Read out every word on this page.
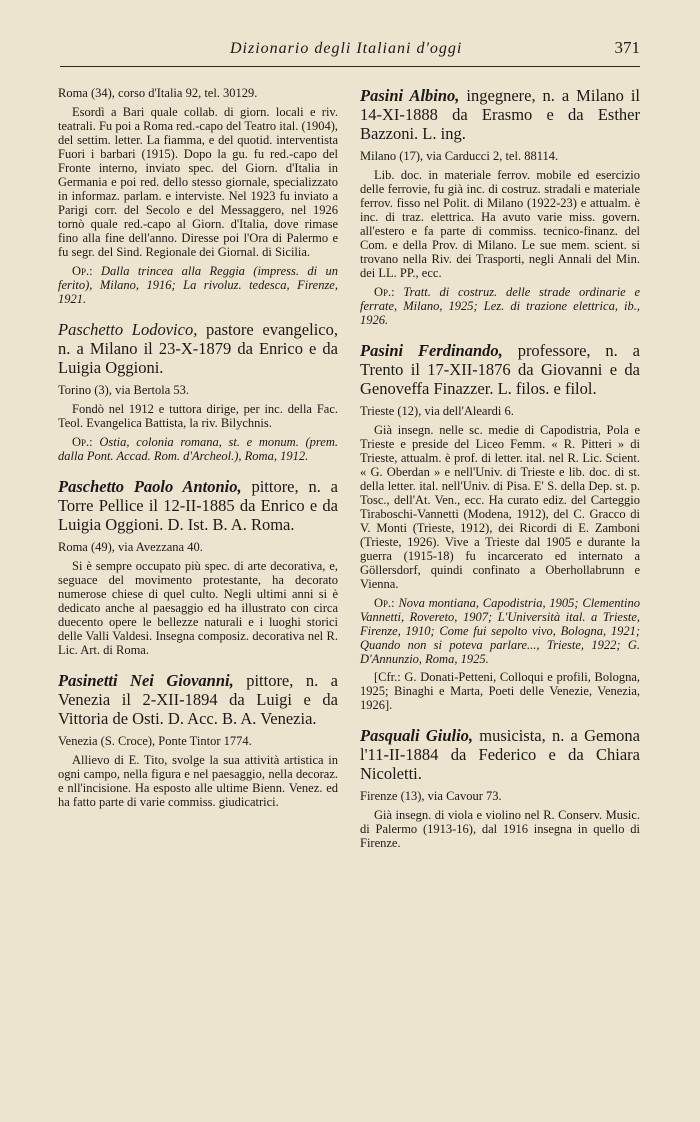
Dizionario degli Italiani d'oggi	371

Roma (34), corso d'Italia 92, tel. 30129.

Esordì a Bari quale collab. di giorn. locali e riv. teatrali. Fu poi a Roma red.-capo del Teatro ital. (1904), del settim. letter. La fiamma, e del quotid. interventista Fuori i barbari (1915). Dopo la gu. fu red.-capo del Fronte interno, inviato spec. del Giorn. d'Italia in Germania e poi red. dello stesso giornale, specializzato in informaz. parlam. e interviste. Nel 1923 fu inviato a Parigi corr. del Secolo e del Messaggero, nel 1926 tornò quale red.-capo al Giorn. d'Italia, dove rimase fino alla fine dell'anno. Diresse poi l'Ora di Palermo e fu segr. del Sind. Regionale dei Giornal. di Sicilia.

Op.: Dalla trincea alla Reggia (impress. di un ferito), Milano, 1916; La rivoluz. tedesca, Firenze, 1921.

Paschetto Lodovico, pastore evangelico, n. a Milano il 23-X-1879 da Enrico e da Luigia Oggioni.

Torino (3), via Bertola 53.

Fondò nel 1912 e tuttora dirige, per inc. della Fac. Teol. Evangelica Battista, la riv. Bilychnis.

Op.: Ostia, colonia romana, st. e monum. (prem. dalla Pont. Accad. Rom. d'Archeol.), Roma, 1912.

Paschetto Paolo Antonio, pittore, n. a Torre Pellice il 12-II-1885 da Enrico e da Luigia Oggioni. D. Ist. B. A. Roma.

Roma (49), via Avezzana 40.

Si è sempre occupato più spec. di arte decorativa, e, seguace del movimento protestante, ha decorato numerose chiese di quel culto. Negli ultimi anni si è dedicato anche al paesaggio ed ha illustrato con circa duecento opere le bellezze naturali e i luoghi storici delle Valli Valdesi. Insegna composiz. decorativa nel R. Lic. Art. di Roma.

Pasinetti Nei Giovanni, pittore, n. a Venezia il 2-XII-1894 da Luigi e da Vittoria de Osti. D. Acc. B. A. Venezia.

Venezia (S. Croce), Ponte Tintor 1774.

Allievo di E. Tito, svolge la sua attività artistica in ogni campo, nella figura e nel paesaggio, nella decoraz. e nll'incisione. Ha esposto alle ultime Bienn. Venez. ed ha fatto parte di varie commiss. giudicatrici.

Pasini Albino, ingegnere, n. a Milano il 14-XI-1888 da Erasmo e da Esther Bazzoni. L. ing.

Milano (17), via Carducci 2, tel. 88114.

Lib. doc. in materiale ferrov. mobile ed esercizio delle ferrovie, fu già inc. di costruz. stradali e materiale ferrov. fisso nel Polit. di Milano (1922-23) e attualm. è inc. di traz. elettrica. Ha avuto varie miss. govern. all'estero e fa parte di commiss. tecnico-finanz. del Com. e della Prov. di Milano. Le sue mem. scient. si trovano nella Riv. dei Trasporti, negli Annali del Min. dei LL. PP., ecc.

Op.: Tratt. di costruz. delle strade ordinarie e ferrate, Milano, 1925; Lez. di trazione elettrica, ib., 1926.

Pasini Ferdinando, professore, n. a Trento il 17-XII-1876 da Giovanni e da Genoveffa Finazzer. L. filos. e filol.

Trieste (12), via dell'Aleardi 6.

Già insegn. nelle sc. medie di Capodistria, Pola e Trieste e preside del Liceo Femm. « R. Pitteri » di Trieste, attualm. è prof. di letter. ital. nel R. Lic. Scient. « G. Oberdan » e nell'Univ. di Trieste e lib. doc. di st. della letter. ital. nell'Univ. di Pisa. E' S. della Dep. st. p. Tosc., dell'At. Ven., ecc. Ha curato ediz. del Carteggio Tiraboschi-Vannetti (Modena, 1912), del C. Gracco di V. Monti (Trieste, 1912), dei Ricordi di E. Zamboni (Trieste, 1926). Vive a Trieste dal 1905 e durante la guerra (1915-18) fu incarcerato ed internato a Göllersdorf, quindi confinato a Oberhollabrunn e Vienna.

Op.: Nova montiana, Capodistria, 1905; Clementino Vannetti, Rovereto, 1907; L'Università ital. a Trieste, Firenze, 1910; Come fui sepolto vivo, Bologna, 1921; Quando non si poteva parlare..., Trieste, 1922; G. D'Annunzio, Roma, 1925.

[Cfr.: G. Donati-Petteni, Colloqui e profili, Bologna, 1925; Binaghi e Marta, Poeti delle Venezie, Venezia, 1926].

Pasquali Giulio, musicista, n. a Gemona l'11-II-1884 da Federico e da Chiara Nicoletti.

Firenze (13), via Cavour 73.

Già insegn. di viola e violino nel R. Conserv. Music. di Palermo (1913-16), dal 1916 insegna in quello di Firenze.
